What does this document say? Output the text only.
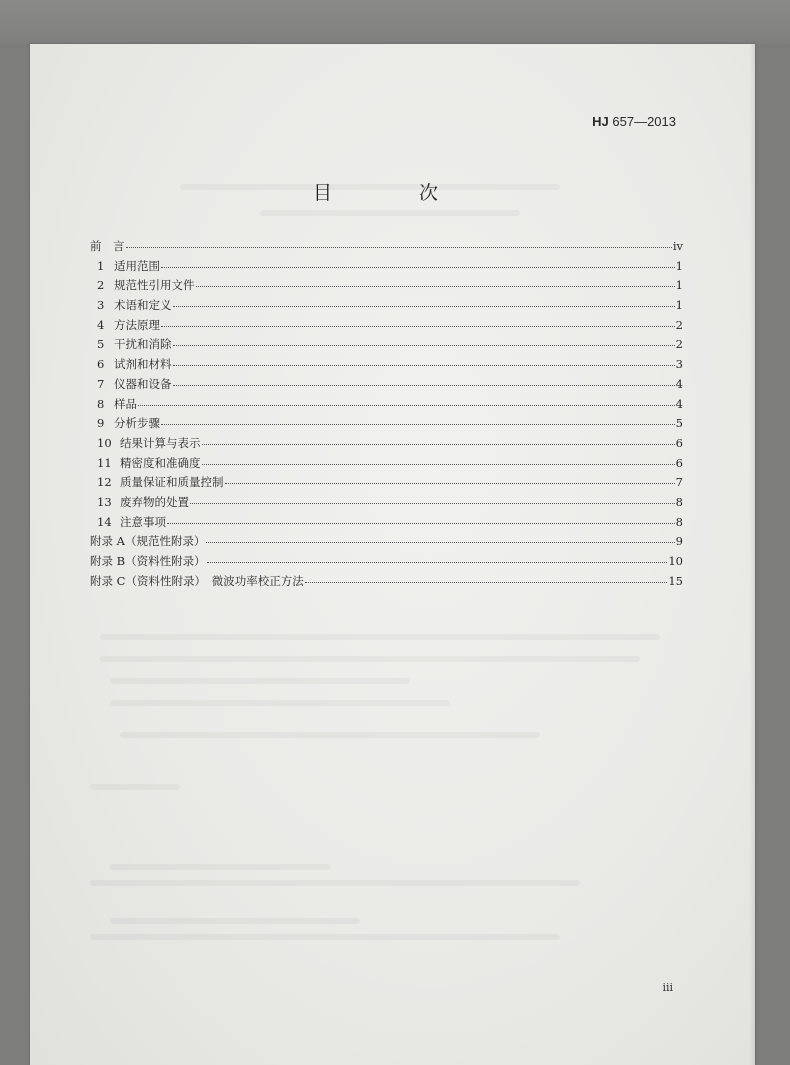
HJ 657—2013
目　次
前　言	iv
1 适用范围	1
2 规范性引用文件	1
3 术语和定义	1
4 方法原理	2
5 干扰和消除	2
6 试剂和材料	3
7 仪器和设备	4
8 样品	4
9 分析步骤	5
10 结果计算与表示	6
11 精密度和准确度	6
12 质量保证和质量控制	7
13 废弃物的处置	8
14 注意事项	8
附录 A（规范性附录）	9
附录 B（资料性附录）	10
附录 C（资料性附录）　微波功率校正方法	15
iii
